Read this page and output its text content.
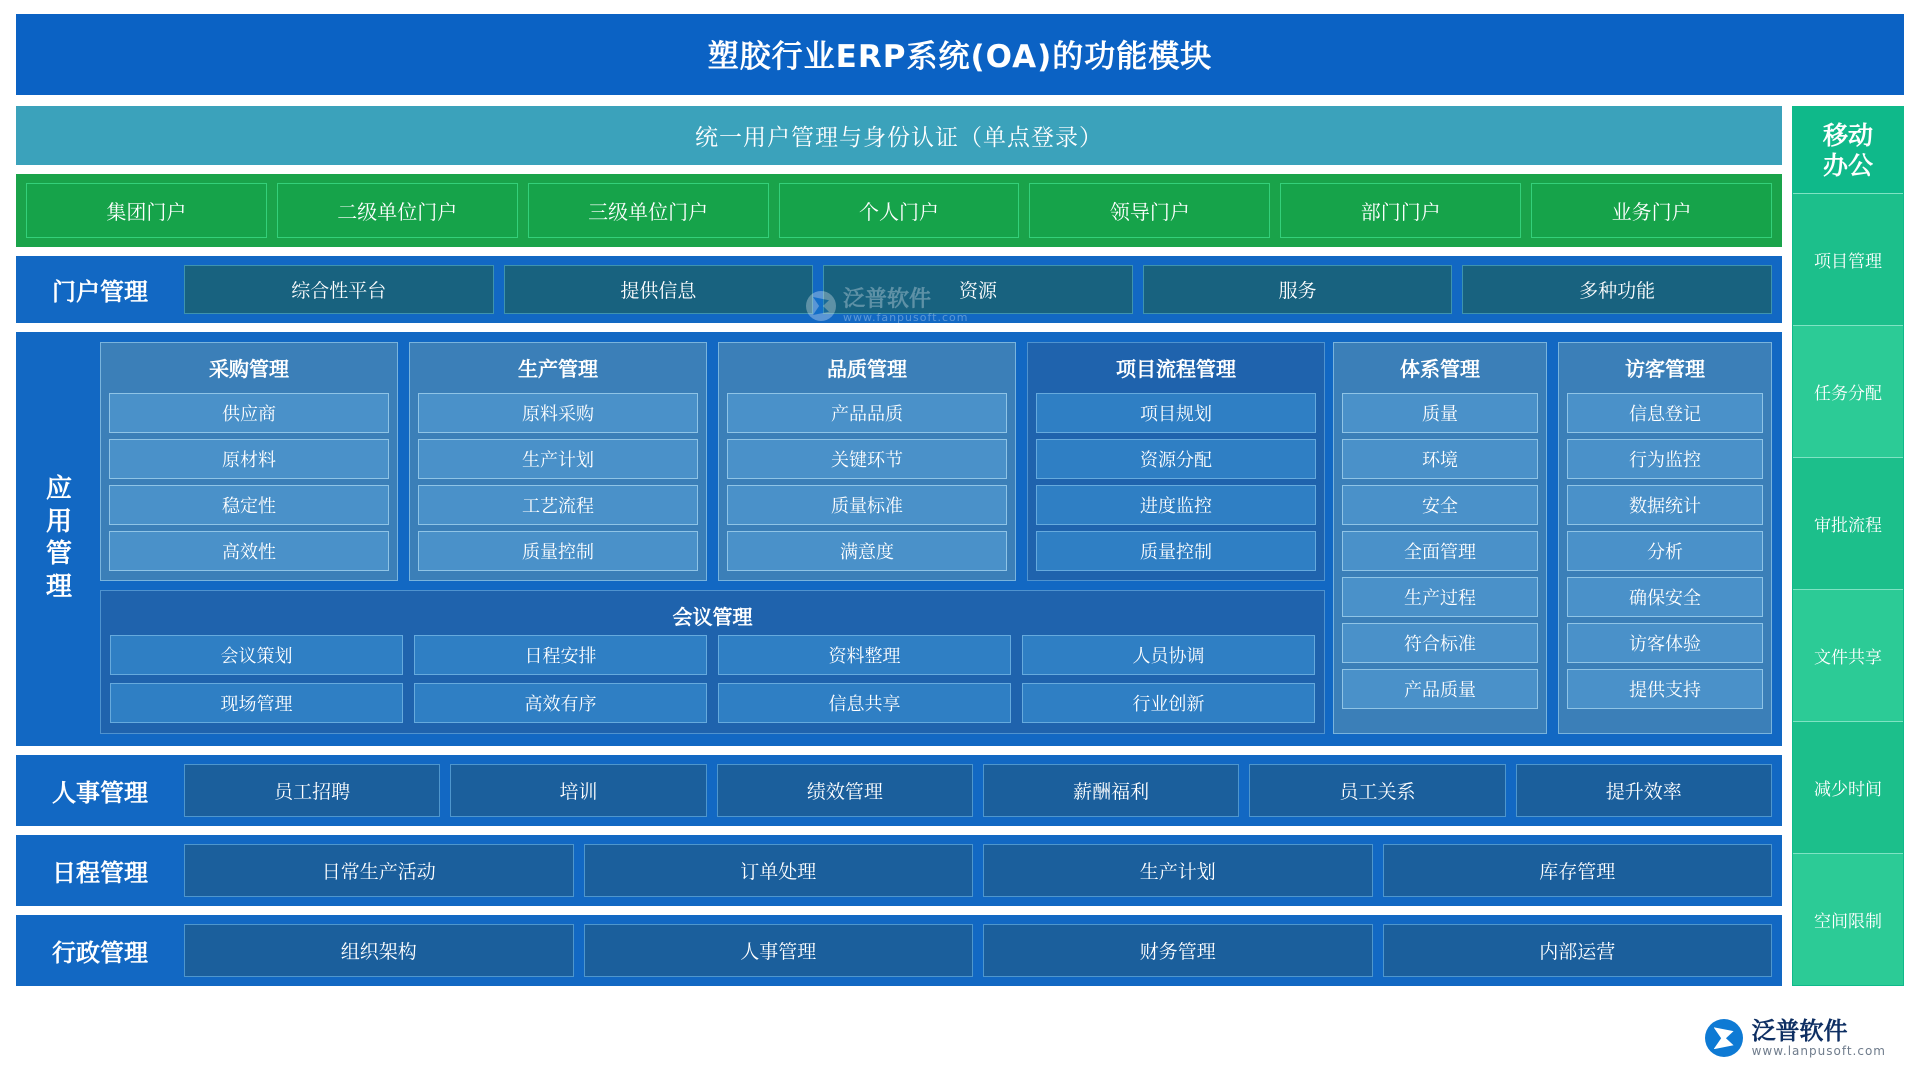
塑胶行业ERP系统(OA)的功能模块
统一用户管理与身份认证（单点登录）
集团门户	二级单位门户	三级单位门户	个人门户	领导门户	部门门户	业务门户
门户管理	综合性平台	提供信息	资源	服务	多种功能
应
用
管
理
采购管理
供应商
原材料
稳定性
高效性
生产管理
原料采购
生产计划
工艺流程
质量控制
品质管理
产品品质
关键环节
质量标准
满意度
项目流程管理
项目规划
资源分配
进度监控
质量控制
会议管理
会议策划	日程安排	资料整理	人员协调
现场管理	高效有序	信息共享	行业创新
体系管理
质量
环境
安全
全面管理
生产过程
符合标准
产品质量
访客管理
信息登记
行为监控
数据统计
分析
确保安全
访客体验
提供支持
人事管理	员工招聘	培训	绩效管理	薪酬福利	员工关系	提升效率
日程管理	日常生产活动	订单处理	生产计划	库存管理
行政管理	组织架构	人事管理	财务管理	内部运营
移动
办公
项目管理
任务分配
审批流程
文件共享
减少时间
空间限制
泛普软件
www.fanpusoft.com
泛普软件
www.lanpusoft.com
